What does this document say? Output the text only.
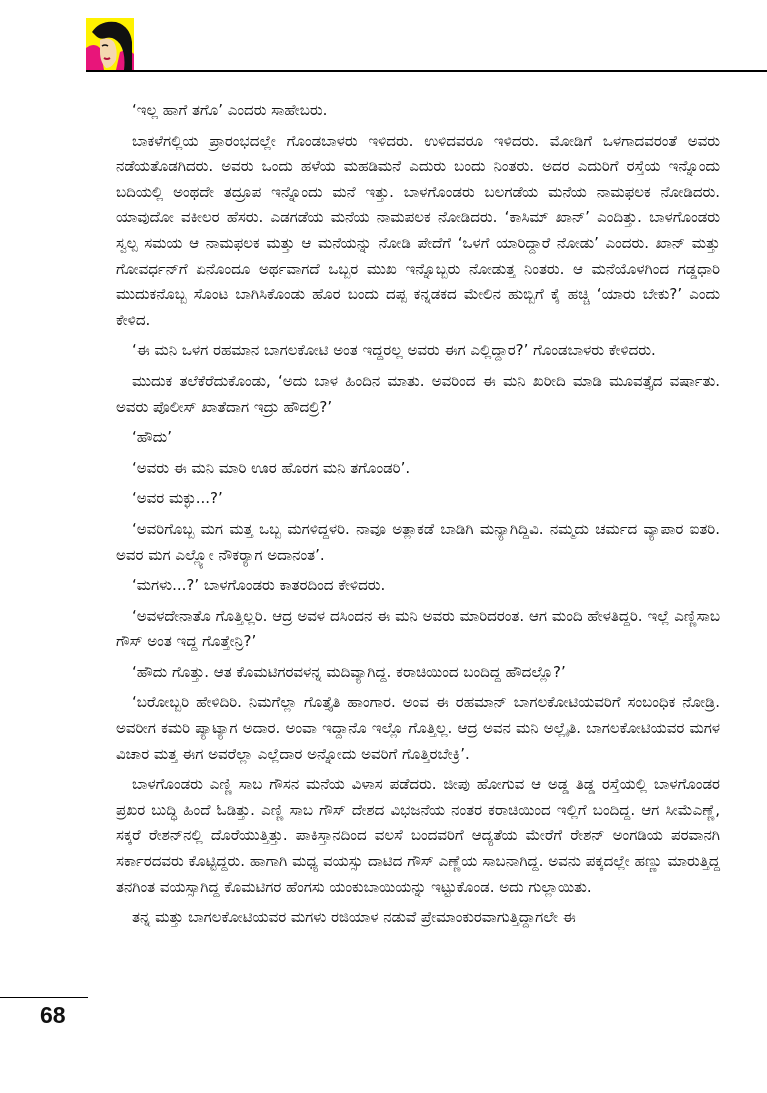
‘ಇಲ್ಲ ಹಾಗೆ ತಗೊ’ ಎಂದರು ಸಾಹೇಬರು.

ಬಾಕಳೆಗಲ್ಲಿಯ ಪ್ರಾರಂಭದಲ್ಲೇ ಗೊಂಡಬಾಳರು ಇಳಿದರು. ಉಳಿದವರೂ ಇಳಿದರು. ಮೋಡಿಗೆ ಒಳಗಾದವರಂತೆ ಅವರು ನಡೆಯತೊಡಗಿದರು. ಅವರು ಒಂದು ಹಳೆಯ ಮಹಡಿಮನೆ ಎದುರು ಬಂದು ನಿಂತರು. ಅದರ ಎದುರಿಗೆ ರಸ್ತೆಯ ಇನ್ನೊಂದು ಬದಿಯಲ್ಲಿ ಅಂಥದೇ ತದ್ರೂಪ ಇನ್ನೊಂದು ಮನೆ ಇತ್ತು. ಬಾಳಗೊಂಡರು ಬಲಗಡೆಯ ಮನೆಯ ನಾಮಫಲಕ ನೋಡಿದರು. ಯಾವುದೋ ವಕೀಲರ ಹೆಸರು. ಎಡಗಡೆಯ ಮನೆಯ ನಾಮಪಲಕ ನೋಡಿದರು. ‘ಕಾಸಿಮ್ ಖಾನ್’ ಎಂದಿತ್ತು. ಬಾಳಗೊಂಡರು ಸ್ವಲ್ಪ ಸಮಯ ಆ ನಾಮಫಲಕ ಮತ್ತು ಆ ಮನೆಯನ್ನು ನೋಡಿ ಪೇದೆಗೆ ‘ಒಳಗೆ ಯಾರಿದ್ದಾರೆ ನೋಡು’ ಎಂದರು. ಖಾನ್ ಮತ್ತು ಗೋವರ್ಧನ್‌ಗೆ ಏನೊಂದೂ ಅರ್ಥವಾಗದೆ ಒಬ್ಬರ ಮುಖ ಇನ್ನೊಬ್ಬರು ನೋಡುತ್ತ ನಿಂತರು. ಆ ಮನೆಯೊಳಗಿಂದ ಗಡ್ಡಧಾರಿ ಮುದುಕನೊಬ್ಬ ಸೊಂಟ ಬಾಗಿಸಿಕೊಂಡು ಹೊರ ಬಂದು ದಪ್ಪ ಕನ್ನಡಕದ ಮೇಲಿನ ಹುಬ್ಬಿಗೆ ಕೈ ಹಚ್ಚಿ ‘ಯಾರು ಬೇಕು?’ ಎಂದು ಕೇಳಿದ.

‘ಈ ಮನಿ ಒಳಗ ರಹಮಾನ ಬಾಗಲಕೋಟಿ ಅಂತ ಇದ್ದರಲ್ಲ ಅವರು ಈಗ ಎಲ್ಲಿದ್ದಾರ?’ ಗೊಂಡಬಾಳರು ಕೇಳಿದರು.

ಮುದುಕ ತಲೆಕೆರೆದುಕೊಂಡು, ‘ಅದು ಬಾಳ ಹಿಂದಿನ ಮಾತು. ಅವರಿಂದ ಈ ಮನಿ ಖರೀದಿ ಮಾಡಿ ಮೂವತ್ತೈದ ವರ್ಷಾತು. ಅವರು ಪೊಲೀಸ್ ಖಾತೆದಾಗ ಇದ್ರು ಹೌದಲ್ರಿ?’

‘ಹೌದು’

‘ಅವರು ಈ ಮನಿ ಮಾರಿ ಊರ ಹೊರಗ ಮನಿ ತಗೊಂಡರಿ’.

‘ಅವರ ಮಕ್ಳು...?’

‘ಅವರಿಗೊಬ್ಬ ಮಗ ಮತ್ತ ಒಬ್ಬ ಮಗಳಿದ್ದಳರಿ. ನಾವೂ ಅತ್ಲಾಕಡೆ ಬಾಡಿಗಿ ಮನ್ಯಾಗಿದ್ದಿವಿ. ನಮ್ಮದು ಚರ್ಮದ ವ್ಯಾಪಾರ ಐತರಿ. ಅವರ ಮಗ ಎಲ್ಲ್ಯೋ ನೌಕರ್‍ಯಾಗ ಅದಾನಂತ’.

‘ಮಗಳು...?’ ಬಾಳಗೊಂಡರು ಕಾತರದಿಂದ ಕೇಳಿದರು.

‘ಅವಳದೇನಾತೊ ಗೊತ್ತಿಲ್ಲರಿ. ಆದ್ರ ಅವಳ ದಸಿಂದನ ಈ ಮನಿ ಅವರು ಮಾರಿದರಂತ. ಆಗ ಮಂದಿ ಹೇಳತಿದ್ದರಿ. ಇಲ್ಲೆ ಎಣ್ಣಿಸಾಬ ಗೌಸ್ ಅಂತ ಇದ್ದ ಗೊತ್ತೇನ್ರಿ?’

‘ಹೌದು ಗೊತ್ತು. ಆತ ಕೊಮಟಿಗರವಳನ್ನ ಮದಿವ್ಯಾಗಿದ್ದ. ಕರಾಚಿಯಿಂದ ಬಂದಿದ್ದ ಹೌದಲ್ಲೊ?’

‘ಬರೋಬ್ಬರಿ ಹೇಳಿದಿರಿ. ನಿಮಗೆಲ್ಲಾ ಗೊತ್ತೈತಿ ಹಾಂಗಾರ. ಅಂವ ಈ ರಹಮಾನ್ ಬಾಗಲಕೋಟಿಯವರಿಗೆ ಸಂಬಂಧಿಕ ನೋಡ್ರಿ. ಅವರೀಗ ಕಮರಿ ಪ್ಯಾಟ್ಯಾಗ ಅದಾರ. ಅಂವಾ ಇದ್ದಾನೊ ಇಲ್ಲೊ ಗೊತ್ತಿಲ್ಲ. ಆದ್ರ ಅವನ ಮನಿ ಅಲ್ಲೈತಿ. ಬಾಗಲಕೋಟಿಯವರ ಮಗಳ ವಿಚಾರ ಮತ್ತ ಈಗ ಅವರೆಲ್ಲಾ ಎಲ್ಲೆದಾರ ಅನ್ನೋದು ಅವರಿಗೆ ಗೊತ್ತಿರಬೇಕ್ರಿ’.

ಬಾಳಗೊಂಡರು ಎಣ್ಣಿ ಸಾಬ ಗೌಸನ ಮನೆಯ ವಿಳಾಸ ಪಡೆದರು. ಜೀಪು ಹೋಗುವ ಆ ಅಡ್ಡ ತಿಡ್ಡ ರಸ್ತೆಯಲ್ಲಿ ಬಾಳಗೊಂಡರ ಪ್ರಖರ ಬುದ್ಧಿ ಹಿಂದೆ ಓಡಿತ್ತು. ಎಣ್ಣಿ ಸಾಬ ಗೌಸ್ ದೇಶದ ವಿಭಜನೆಯ ನಂತರ ಕರಾಚಿಯಿಂದ ಇಲ್ಲಿಗೆ ಬಂದಿದ್ದ. ಆಗ ಸೀಮೆಎಣ್ಣೆ, ಸಕ್ಕರೆ ರೇಶನ್‌ನಲ್ಲಿ ದೊರೆಯುತ್ತಿತ್ತು. ಪಾಕಿಸ್ತಾನದಿಂದ ವಲಸೆ ಬಂದವರಿಗೆ ಆದ್ಯತೆಯ ಮೇರೆಗೆ ರೇಶನ್ ಅಂಗಡಿಯ ಪರವಾನಗಿ ಸರ್ಕಾರದವರು ಕೊಟ್ಟಿದ್ದರು. ಹಾಗಾಗಿ ಮಧ್ಯ ವಯಸ್ಸು ದಾಟಿದ ಗೌಸ್ ಎಣ್ಣೆಯ ಸಾಬನಾಗಿದ್ದ. ಅವನು ಪಕ್ಕದಲ್ಲೇ ಹಣ್ಣು ಮಾರುತ್ತಿದ್ದ ತನಗಿಂತ ವಯಸ್ಸಾಗಿದ್ದ ಕೊಮಟಿಗರ ಹೆಂಗಸು ಯಂಕುಬಾಯಿಯನ್ನು ಇಟ್ಟುಕೊಂಡ. ಅದು ಗುಲ್ಲಾಯಿತು.

ತನ್ನ ಮತ್ತು ಬಾಗಲಕೋಟಿಯವರ ಮಗಳು ರಜಿಯಾಳ ನಡುವೆ ಪ್ರೇಮಾಂಕುರವಾಗುತ್ತಿದ್ದಾಗಲೇ ಈ

68
